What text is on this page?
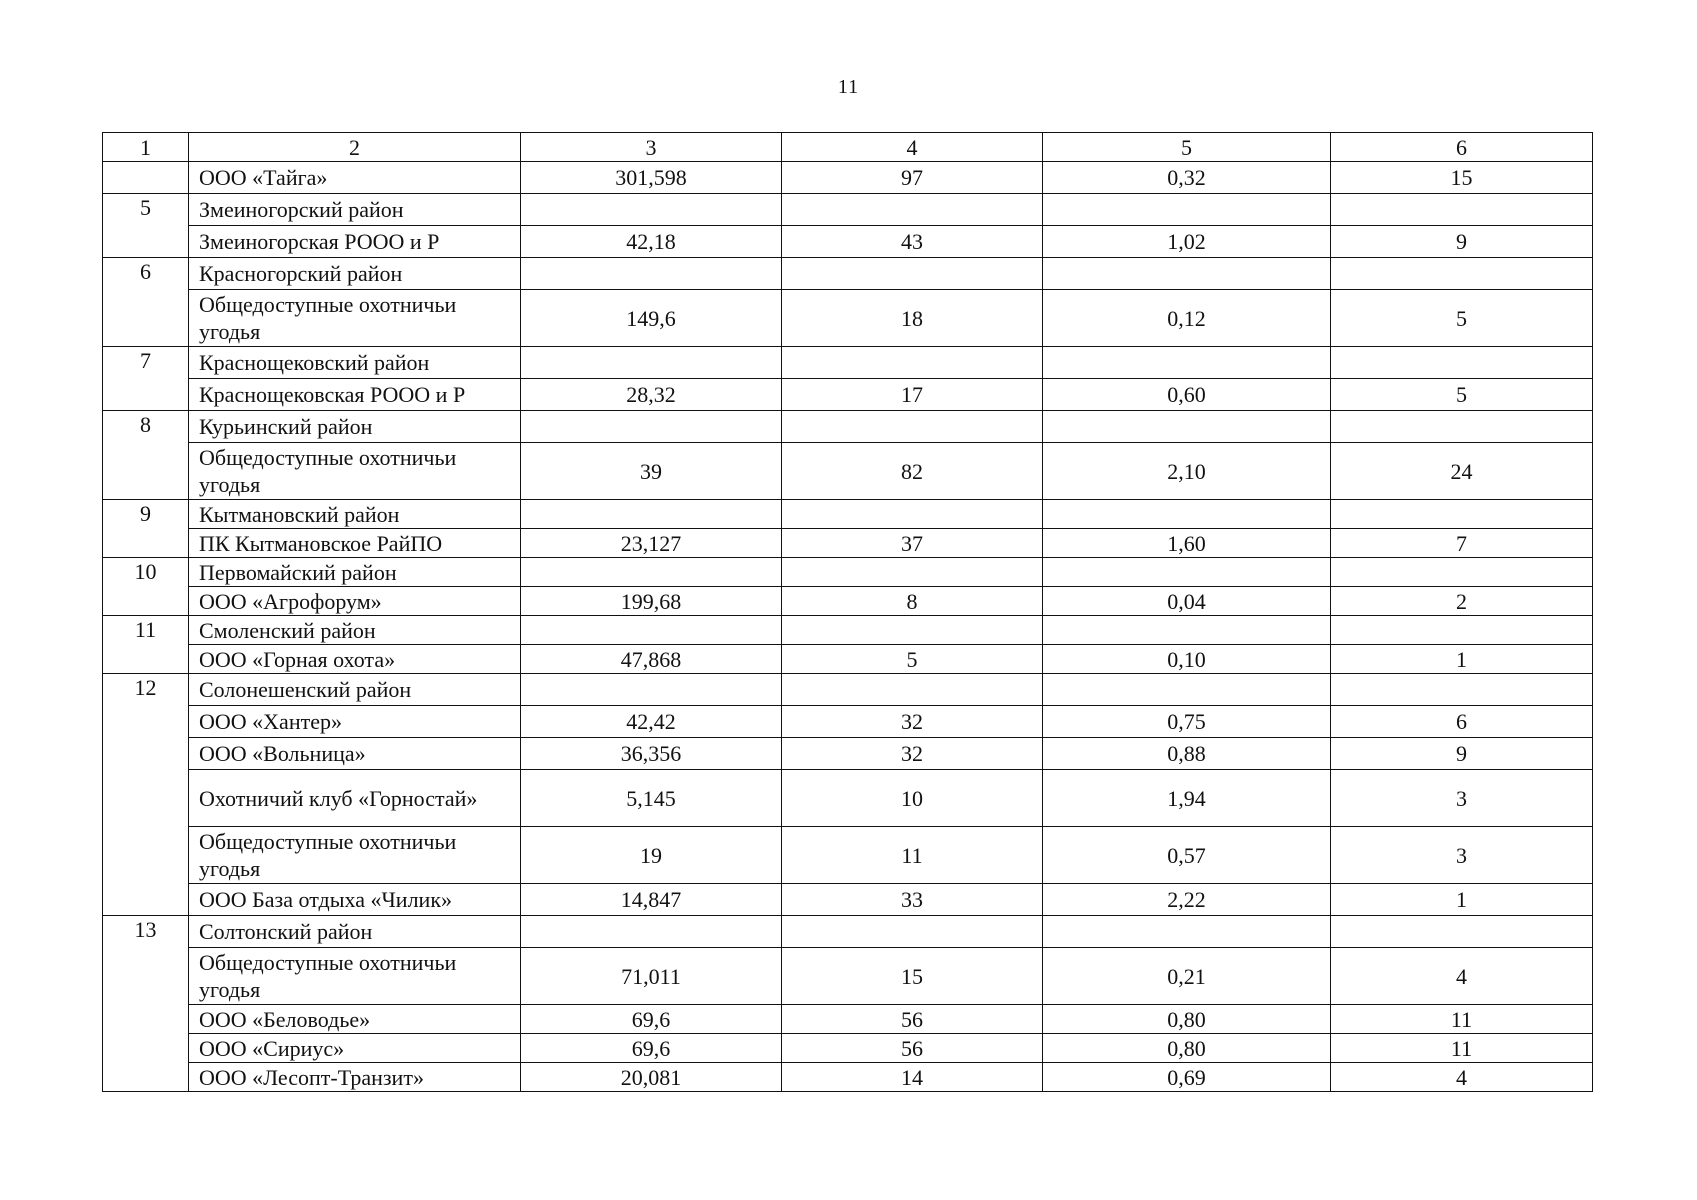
11
1	2	3	4	5	6
	ООО «Тайга»	301,598	97	0,32	15
5	Змеиногорский район				
	Змеиногорская РООО и Р	42,18	43	1,02	9
6	Красногорский район				
	Общедоступные охотничьи угодья	149,6	18	0,12	5
7	Краснощековский район				
	Краснощековская РООО и Р	28,32	17	0,60	5
8	Курьинский район				
	Общедоступные охотничьи угодья	39	82	2,10	24
9	Кытмановский район				
	ПК Кытмановское РайПО	23,127	37	1,60	7
10	Первомайский район				
	ООО «Агрофорум»	199,68	8	0,04	2
11	Смоленский район				
	ООО «Горная охота»	47,868	5	0,10	1
12	Солонешенский район				
	ООО «Хантер»	42,42	32	0,75	6
	ООО «Вольница»	36,356	32	0,88	9
	Охотничий клуб «Горностай»	5,145	10	1,94	3
	Общедоступные охотничьи угодья	19	11	0,57	3
	ООО База отдыха «Чилик»	14,847	33	2,22	1
13	Солтонский район				
	Общедоступные охотничьи угодья	71,011	15	0,21	4
	ООО «Беловодье»	69,6	56	0,80	11
	ООО «Сириус»	69,6	56	0,80	11
	ООО «Лесопт-Транзит»	20,081	14	0,69	4
